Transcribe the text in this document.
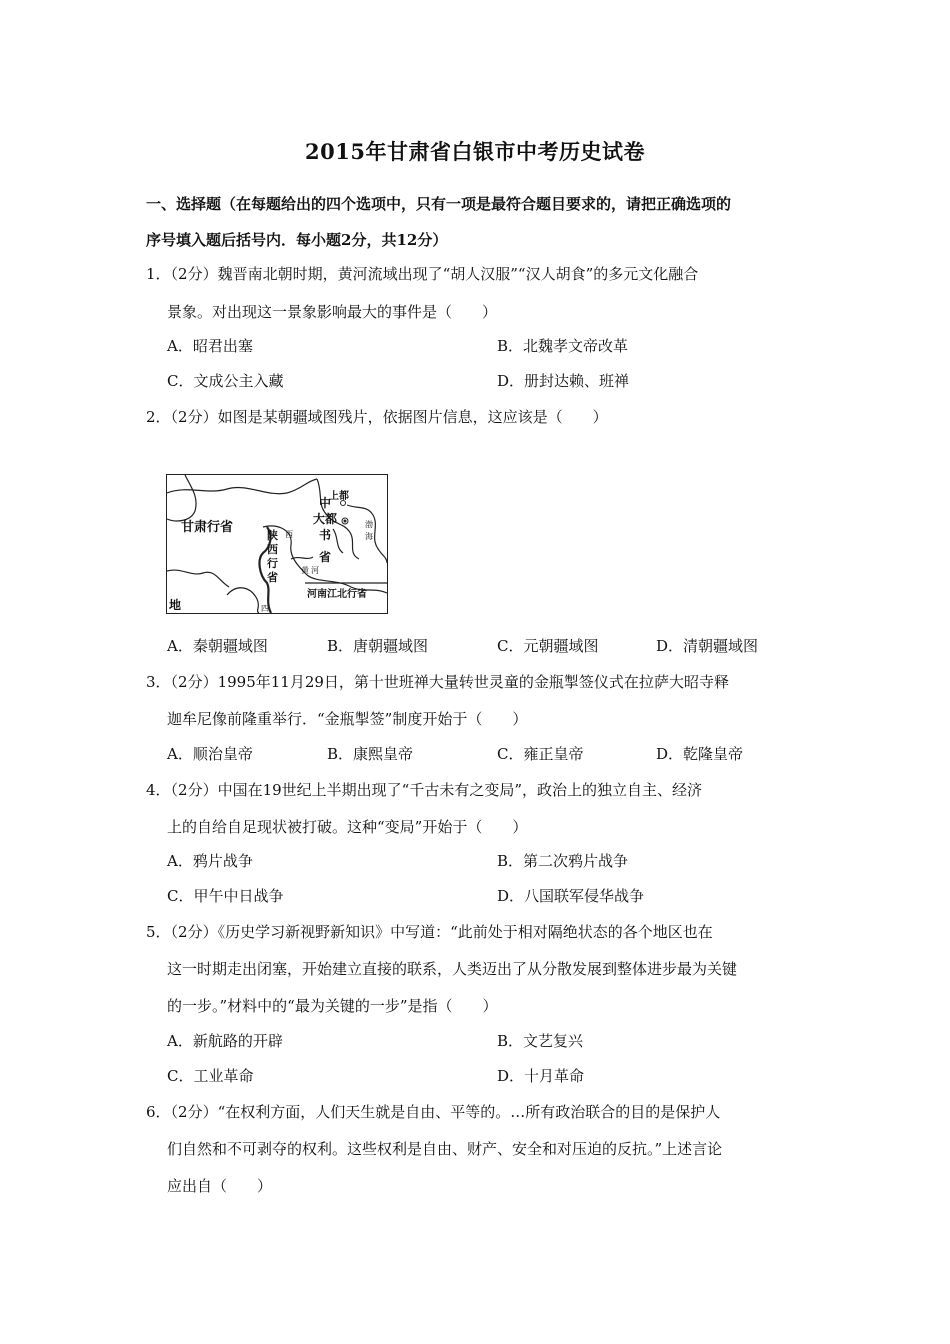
2015年甘肃省白银市中考历史试卷
一、选择题（在每题给出的四个选项中，只有一项是最符合题目要求的，请把正确选项的
序号填入题后括号内．每小题2分，共12分）
1．（2分）魏晋南北朝时期，黄河流域出现了“胡人汉服”“汉人胡食”的多元文化融合
景象。对出现这一景象影响最大的事件是（　　）
A．昭君出塞	B．北魏孝文帝改革
C．文成公主入藏	D．册封达赖、班禅
2．（2分）如图是某朝疆域图残片，依据图片信息，这应该是（　　）
甘肃行省
陕
西
行
省
中
上都
大都
书
省
河南江北行省
地
西
渤
海
黄 河
四
A．秦朝疆域图	B．唐朝疆域图	C．元朝疆域图	D．清朝疆域图
3．（2分）1995年11月29日，第十世班禅大量转世灵童的金瓶掣签仪式在拉萨大昭寺释
迦牟尼像前隆重举行．“金瓶掣签”制度开始于（　　）
A．顺治皇帝	B．康熙皇帝	C．雍正皇帝	D．乾隆皇帝
4．（2分）中国在19世纪上半期出现了“千古未有之变局”，政治上的独立自主、经济
上的自给自足现状被打破。这种“变局”开始于（　　）
A．鸦片战争	B．第二次鸦片战争
C．甲午中日战争	D．八国联军侵华战争
5．（2分）《历史学习新视野新知识》中写道：“此前处于相对隔绝状态的各个地区也在
这一时期走出闭塞，开始建立直接的联系，人类迈出了从分散发展到整体进步最为关键
的一步。”材料中的“最为关键的一步”是指（　　）
A．新航路的开辟	B．文艺复兴
C．工业革命	D．十月革命
6．（2分）“在权利方面，人们天生就是自由、平等的。…所有政治联合的目的是保护人
们自然和不可剥夺的权利。这些权利是自由、财产、安全和对压迫的反抗。”上述言论
应出自（　　）
